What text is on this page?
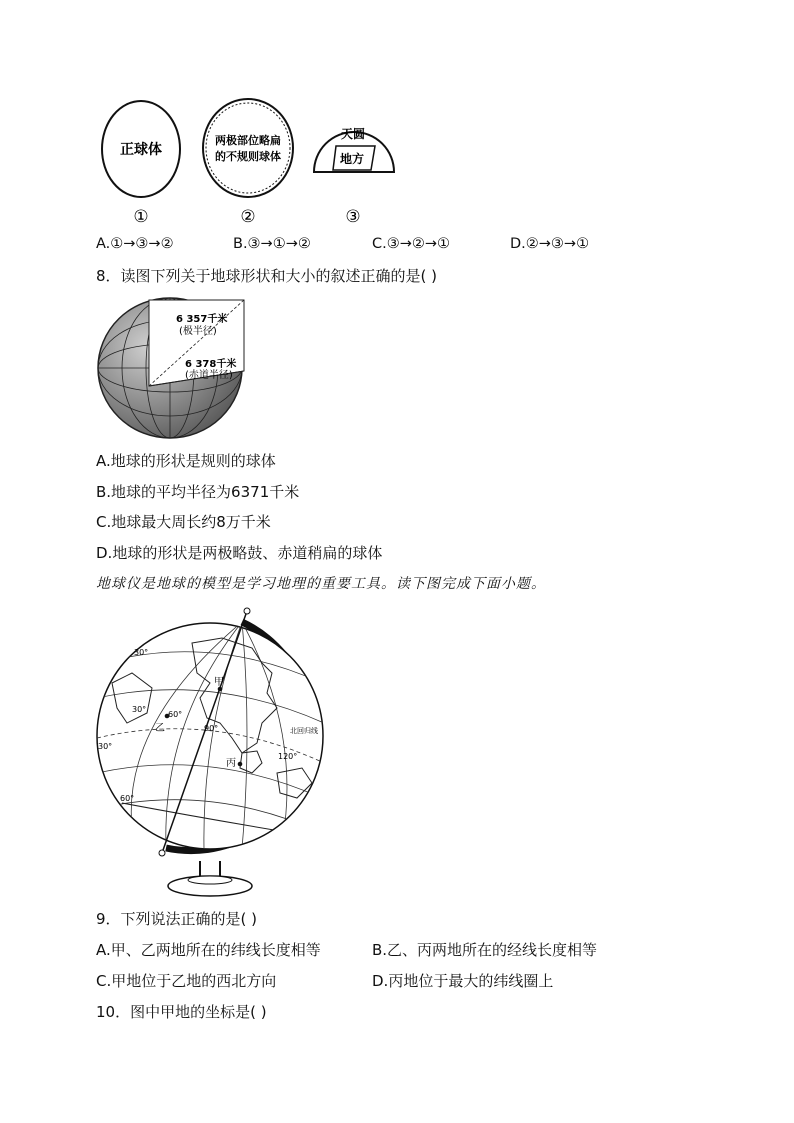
正球体
两极部位略扁
的不规则球体
天圆
地方
①	②	③
A.①→③→②	B.③→①→②	C.③→②→①	D.②→③→①
8．读图下列关于地球形状和大小的叙述正确的是( )
6 357千米
(极半径)
6 378千米
(赤道半径)
A.地球的形状是规则的球体
B.地球的平均半径为6371千米
C.地球最大周长约8万千米
D.地球的形状是两极略鼓、赤道稍扁的球体
地球仪是地球的模型是学习地理的重要工具。读下图完成下面小题。
甲
乙
丙
30°
30°
30°
60°
60°
90°
120°
北回归线
9．下列说法正确的是( )
A.甲、乙两地所在的纬线长度相等	B.乙、丙两地所在的经线长度相等
C.甲地位于乙地的西北方向	D.丙地位于最大的纬线圈上
10．图中甲地的坐标是( )
